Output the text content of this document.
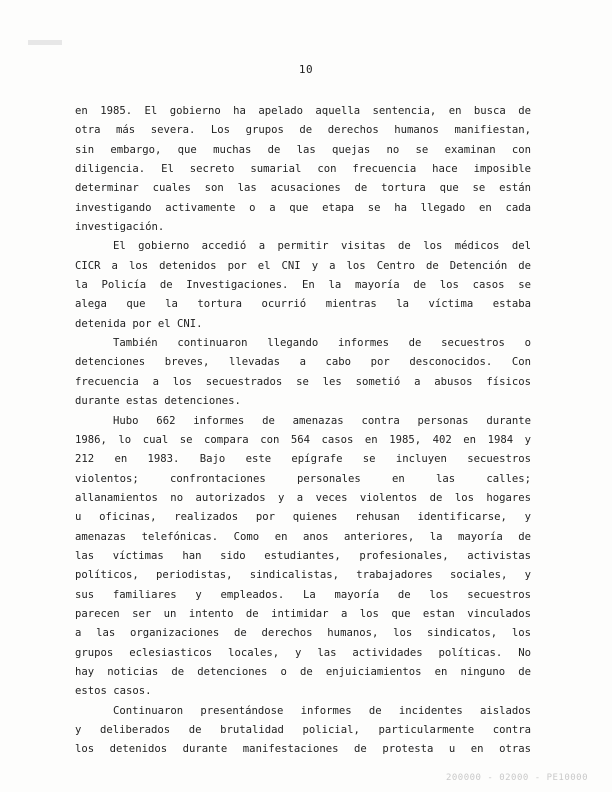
10

en 1985. El gobierno ha apelado aquella sentencia, en busca de
otra más severa. Los grupos de derechos humanos manifiestan,
sin embargo, que muchas de las quejas no se examinan con
diligencia. El secreto sumarial con frecuencia hace imposible
determinar cuales son las acusaciones de tortura que se están
investigando activamente o a que etapa se ha llegado en cada
investigación.

El gobierno accedió a permitir visitas de los médicos del
CICR a los detenidos por el CNI y a los Centro de Detención de
la Policía de Investigaciones. En la mayoría de los casos se
alega que la tortura ocurrió mientras la víctima estaba
detenida por el CNI.

También continuaron llegando informes de secuestros o
detenciones breves, llevadas a cabo por desconocidos. Con
frecuencia a los secuestrados se les sometió a abusos físicos
durante estas detenciones.

Hubo 662 informes de amenazas contra personas durante
1986, lo cual se compara con 564 casos en 1985, 402 en 1984 y
212 en 1983. Bajo este epígrafe se incluyen secuestros
violentos; confrontaciones personales en las calles;
allanamientos no autorizados y a veces violentos de los hogares
u oficinas, realizados por quienes rehusan identificarse, y
amenazas telefónicas. Como en anos anteriores, la mayoría de
las víctimas han sido estudiantes, profesionales, activistas
políticos, periodistas, sindicalistas, trabajadores sociales, y
sus familiares y empleados. La mayoría de los secuestros
parecen ser un intento de intimidar a los que estan vinculados
a las organizaciones de derechos humanos, los sindicatos, los
grupos eclesiasticos locales, y las actividades políticas. No
hay noticias de detenciones o de enjuiciamientos en ninguno de
estos casos.

Continuaron presentándose informes de incidentes aislados
y deliberados de brutalidad policial, particularmente contra
los detenidos durante manifestaciones de protesta u en otras

200000 - 02000 - PE10000
